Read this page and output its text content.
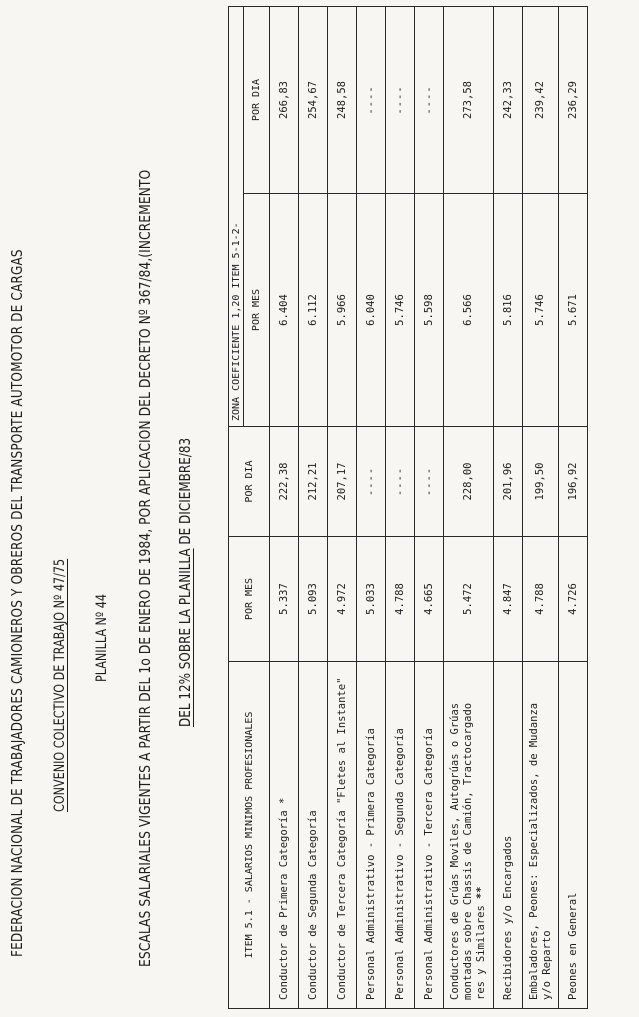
FEDERACION NACIONAL DE TRABAJADORES CAMIONEROS Y OBREROS DEL TRANSPORTE AUTOMOTOR DE CARGAS CONVENIO COLECTIVO DE TRABAJO Nº 47/75 PLANILLA Nº 44 ESCALAS SALARIALES VIGENTES A PARTIR DEL 1o DE ENERO DE 1984, POR APLICACION DEL DECRETO Nº 367/84,(INCREMENTO DEL 12% SOBRE LA PLANILLA DE DICIEMBRE/83
ITEM 5.1 - SALARIOS MINIMOS PROFESIONALES	POR MES	POR DIA	ZONA COEFICIENTE 1,20 ITEM 5-1-2-	
			POR MES	POR DIA
Conductor de Primera Categoría *	5.337	222,38	6.404	266,83
Conductor de Segunda Categoría	5.093	212,21	6.112	254,67
Conductor de Tercera Categoría "Fletes al Instante"	4.972	207,17	5.966	248,58
Personal Administrativo - Primera Categoría	5.033	----	6.040	----
Personal Administrativo - Segunda Categoría	4.788	----	5.746	----
Personal Administrativo - Tercera Categoría	4.665	----	5.598	----

Conductores de Grúas Moviles, Autogrúas o Grúas montadas sobre Chassis de Camión, Tractocargado res y Similares**	5.472	228,00	6.566	273,58
Recibidores y/o Encargados	4.847	201,96	5.816	242,33

Embaladores, Peones: Especializados, de Mudanza y/o Reparto	4.788	199,50	5.746	239,42
Peones en General	4.726	196,92	5.671	236,29
